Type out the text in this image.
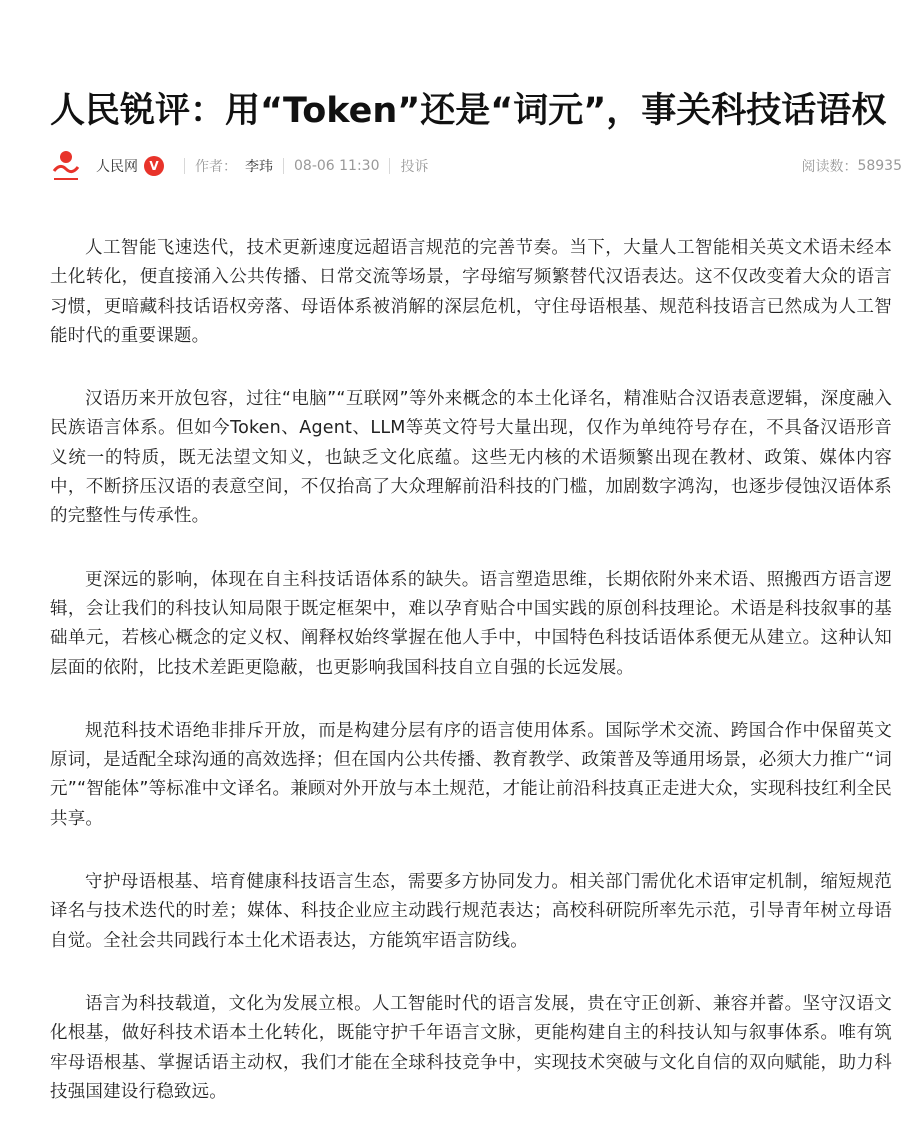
人民锐评：用“Token”还是“词元”，事关科技话语权
人民网 V	作者： 李玮 08-06 11:30 投诉	阅读数： 58935

人工智能飞速迭代，技术更新速度远超语言规范的完善节奏。当下，大量人工智能相关英文术语未经本土化转化，便直接涌入公共传播、日常交流等场景，字母缩写频繁替代汉语表达。这不仅改变着大众的语言习惯，更暗藏科技话语权旁落、母语体系被消解的深层危机，守住母语根基、规范科技语言已然成为人工智能时代的重要课题。

汉语历来开放包容，过往“电脑”“互联网”等外来概念的本土化译名，精准贴合汉语表意逻辑，深度融入民族语言体系。但如今Token、Agent、LLM等英文符号大量出现，仅作为单纯符号存在，不具备汉语形音义统一的特质，既无法望文知义，也缺乏文化底蕴。这些无内核的术语频繁出现在教材、政策、媒体内容中，不断挤压汉语的表意空间，不仅抬高了大众理解前沿科技的门槛，加剧数字鸿沟，也逐步侵蚀汉语体系的完整性与传承性。

更深远的影响，体现在自主科技话语体系的缺失。语言塑造思维，长期依附外来术语、照搬西方语言逻辑，会让我们的科技认知局限于既定框架中，难以孕育贴合中国实践的原创科技理论。术语是科技叙事的基础单元，若核心概念的定义权、阐释权始终掌握在他人手中，中国特色科技话语体系便无从建立。这种认知层面的依附，比技术差距更隐蔽，也更影响我国科技自立自强的长远发展。

规范科技术语绝非排斥开放，而是构建分层有序的语言使用体系。国际学术交流、跨国合作中保留英文原词，是适配全球沟通的高效选择；但在国内公共传播、教育教学、政策普及等通用场景，必须大力推广“词元”“智能体”等标准中文译名。兼顾对外开放与本土规范，才能让前沿科技真正走进大众，实现科技红利全民共享。

守护母语根基、培育健康科技语言生态，需要多方协同发力。相关部门需优化术语审定机制，缩短规范译名与技术迭代的时差；媒体、科技企业应主动践行规范表达；高校科研院所率先示范，引导青年树立母语自觉。全社会共同践行本土化术语表达，方能筑牢语言防线。

语言为科技载道，文化为发展立根。人工智能时代的语言发展，贵在守正创新、兼容并蓄。坚守汉语文化根基，做好科技术语本土化转化，既能守护千年语言文脉，更能构建自主的科技认知与叙事体系。唯有筑牢母语根基、掌握话语主动权，我们才能在全球科技竞争中，实现技术突破与文化自信的双向赋能，助力科技强国建设行稳致远。
